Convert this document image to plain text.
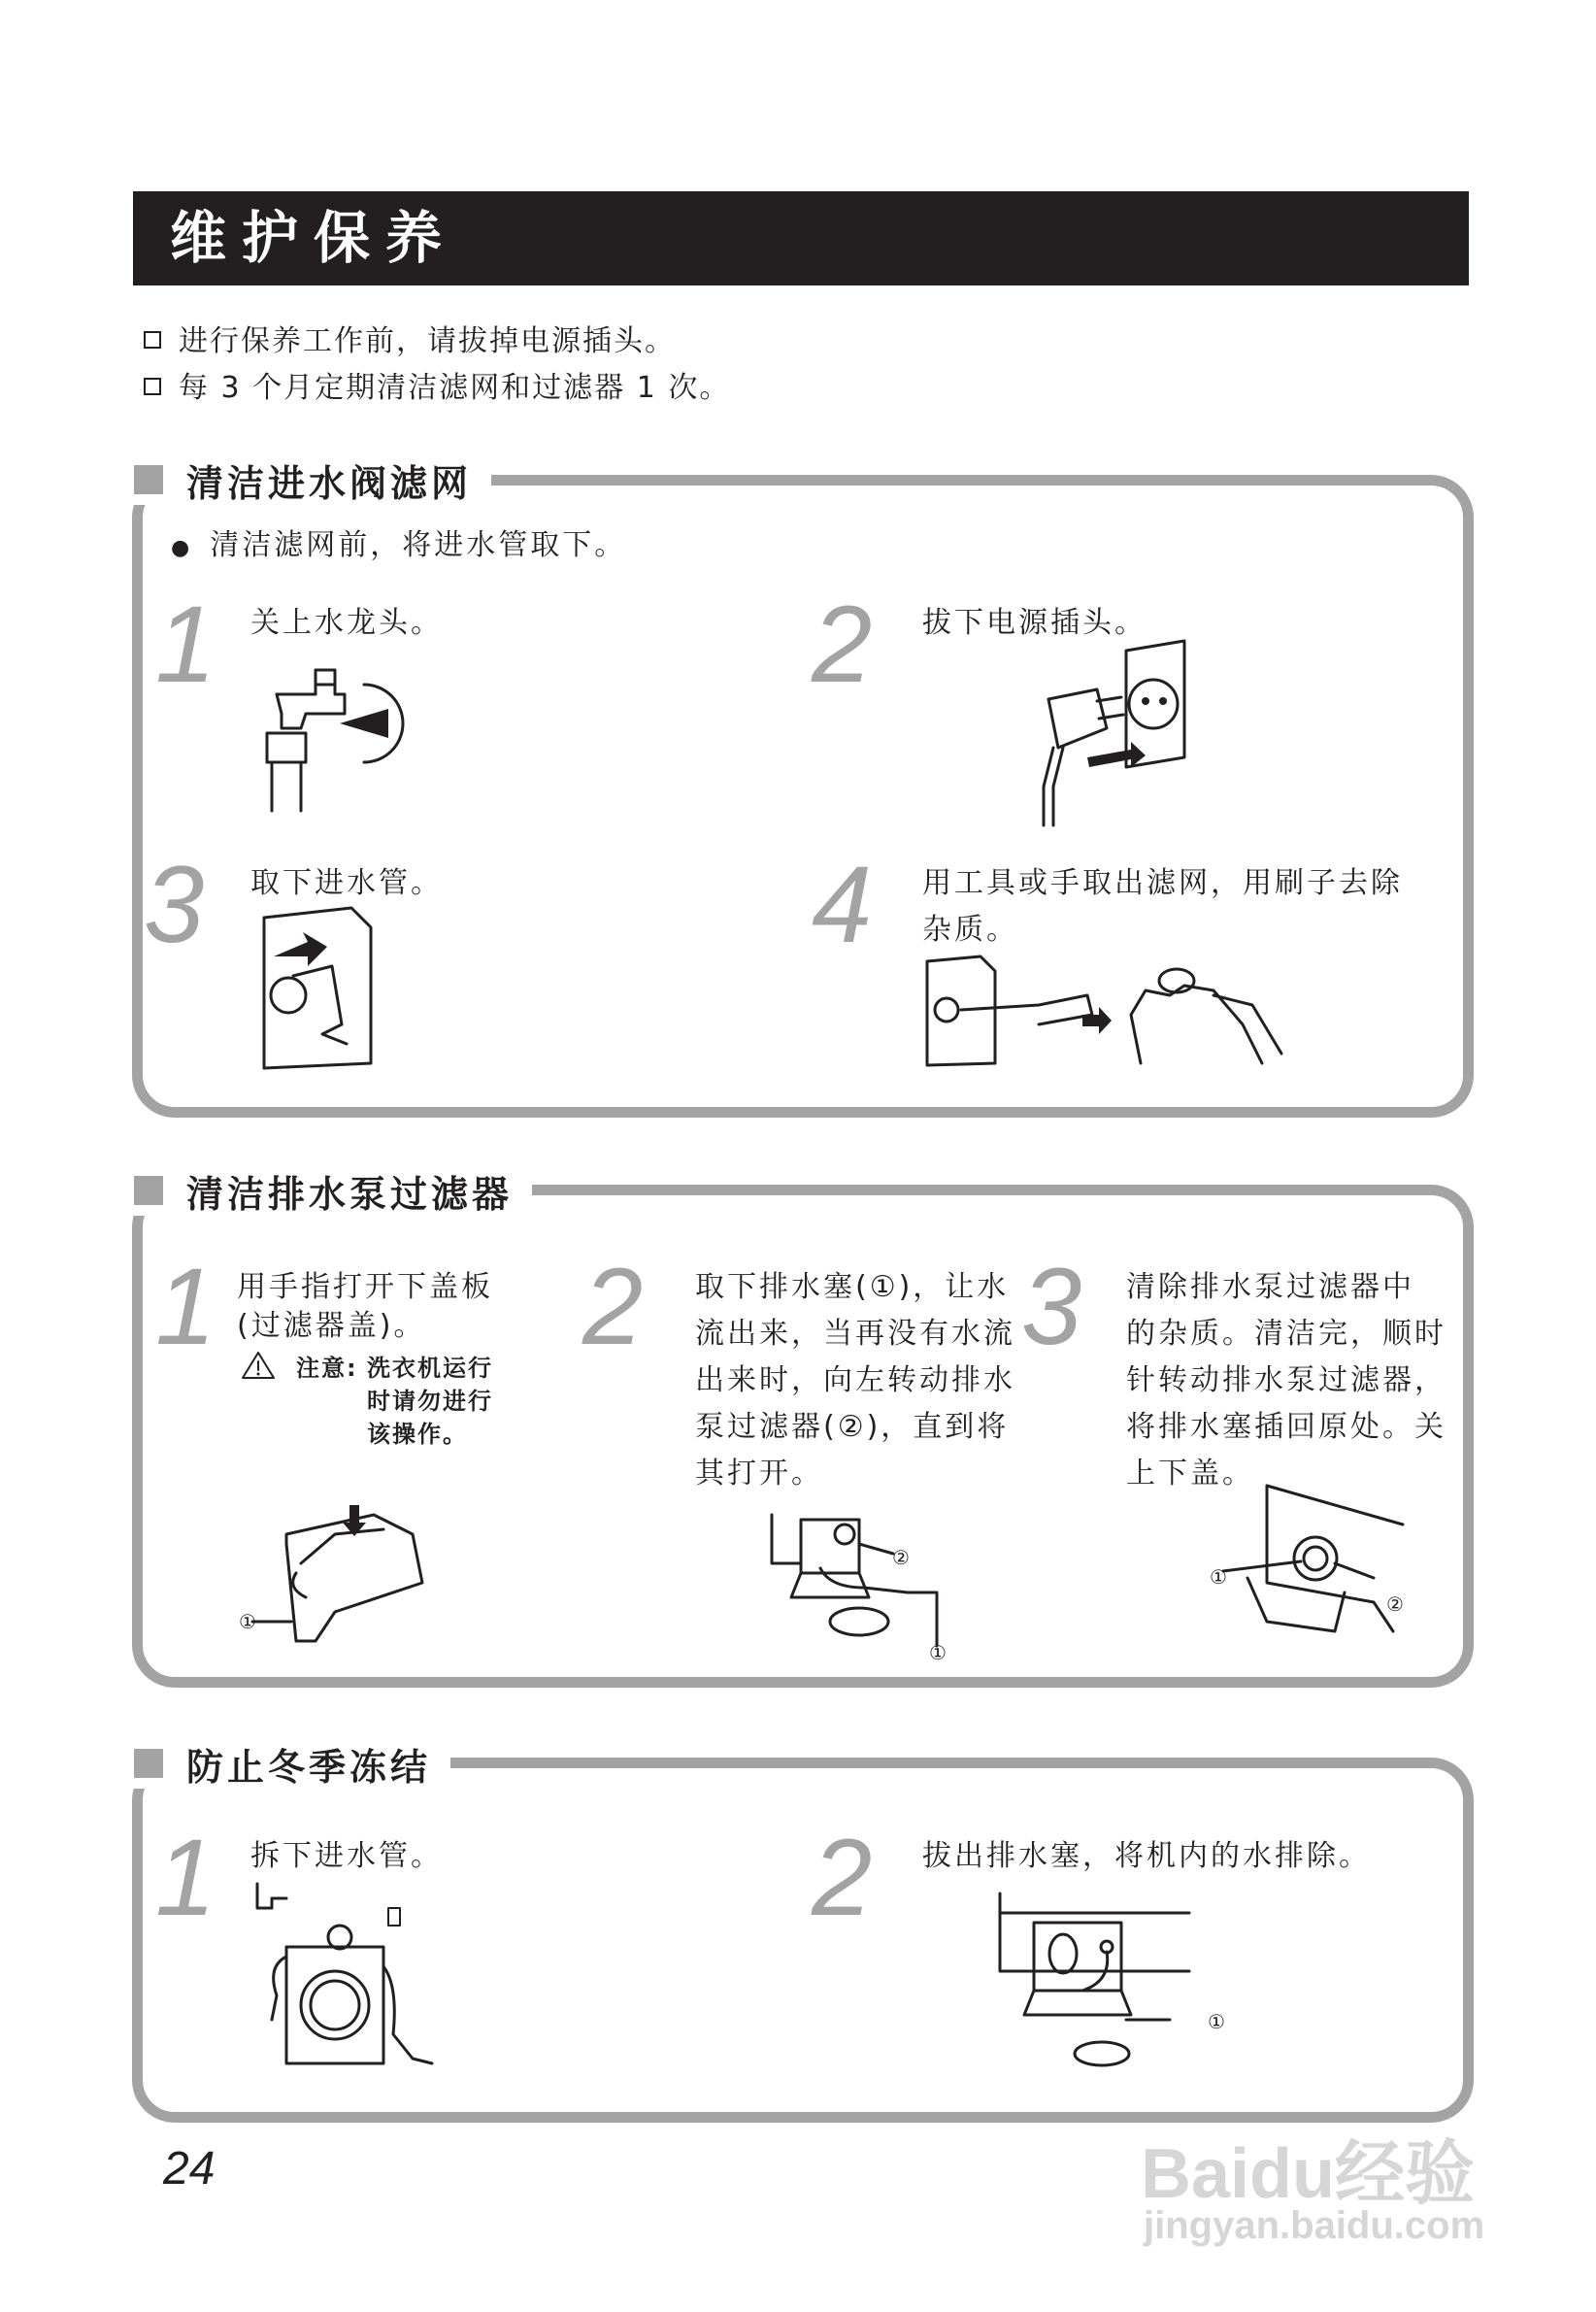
维护保养
进行保养工作前，请拔掉电源插头。
每 3 个月定期清洁滤网和过滤器 1 次。
清洁进水阀滤网
● 清洁滤网前，将进水管取下。
1 关上水龙头。	2 拔下电源插头。
3 取下进水管。	4 用工具或手取出滤网，用刷子去除
杂质。
清洁排水泵过滤器
1 用手指打开下盖板
(过滤器盖)。
注意: 洗衣机运行
时请勿进行
该操作。
①
2 取下排水塞(①)，让水
流出来，当再没有水流
出来时，向左转动排水
泵过滤器(②)，直到将
其打开。
②
①
3 清除排水泵过滤器中
的杂质。清洁完，顺时
针转动排水泵过滤器，
将排水塞插回原处。关
上下盖。
①
②
防止冬季冻结
1 拆下进水管。	2 拔出排水塞，将机内的水排除。
①
24	Baidu经验
jingyan.baidu.com
